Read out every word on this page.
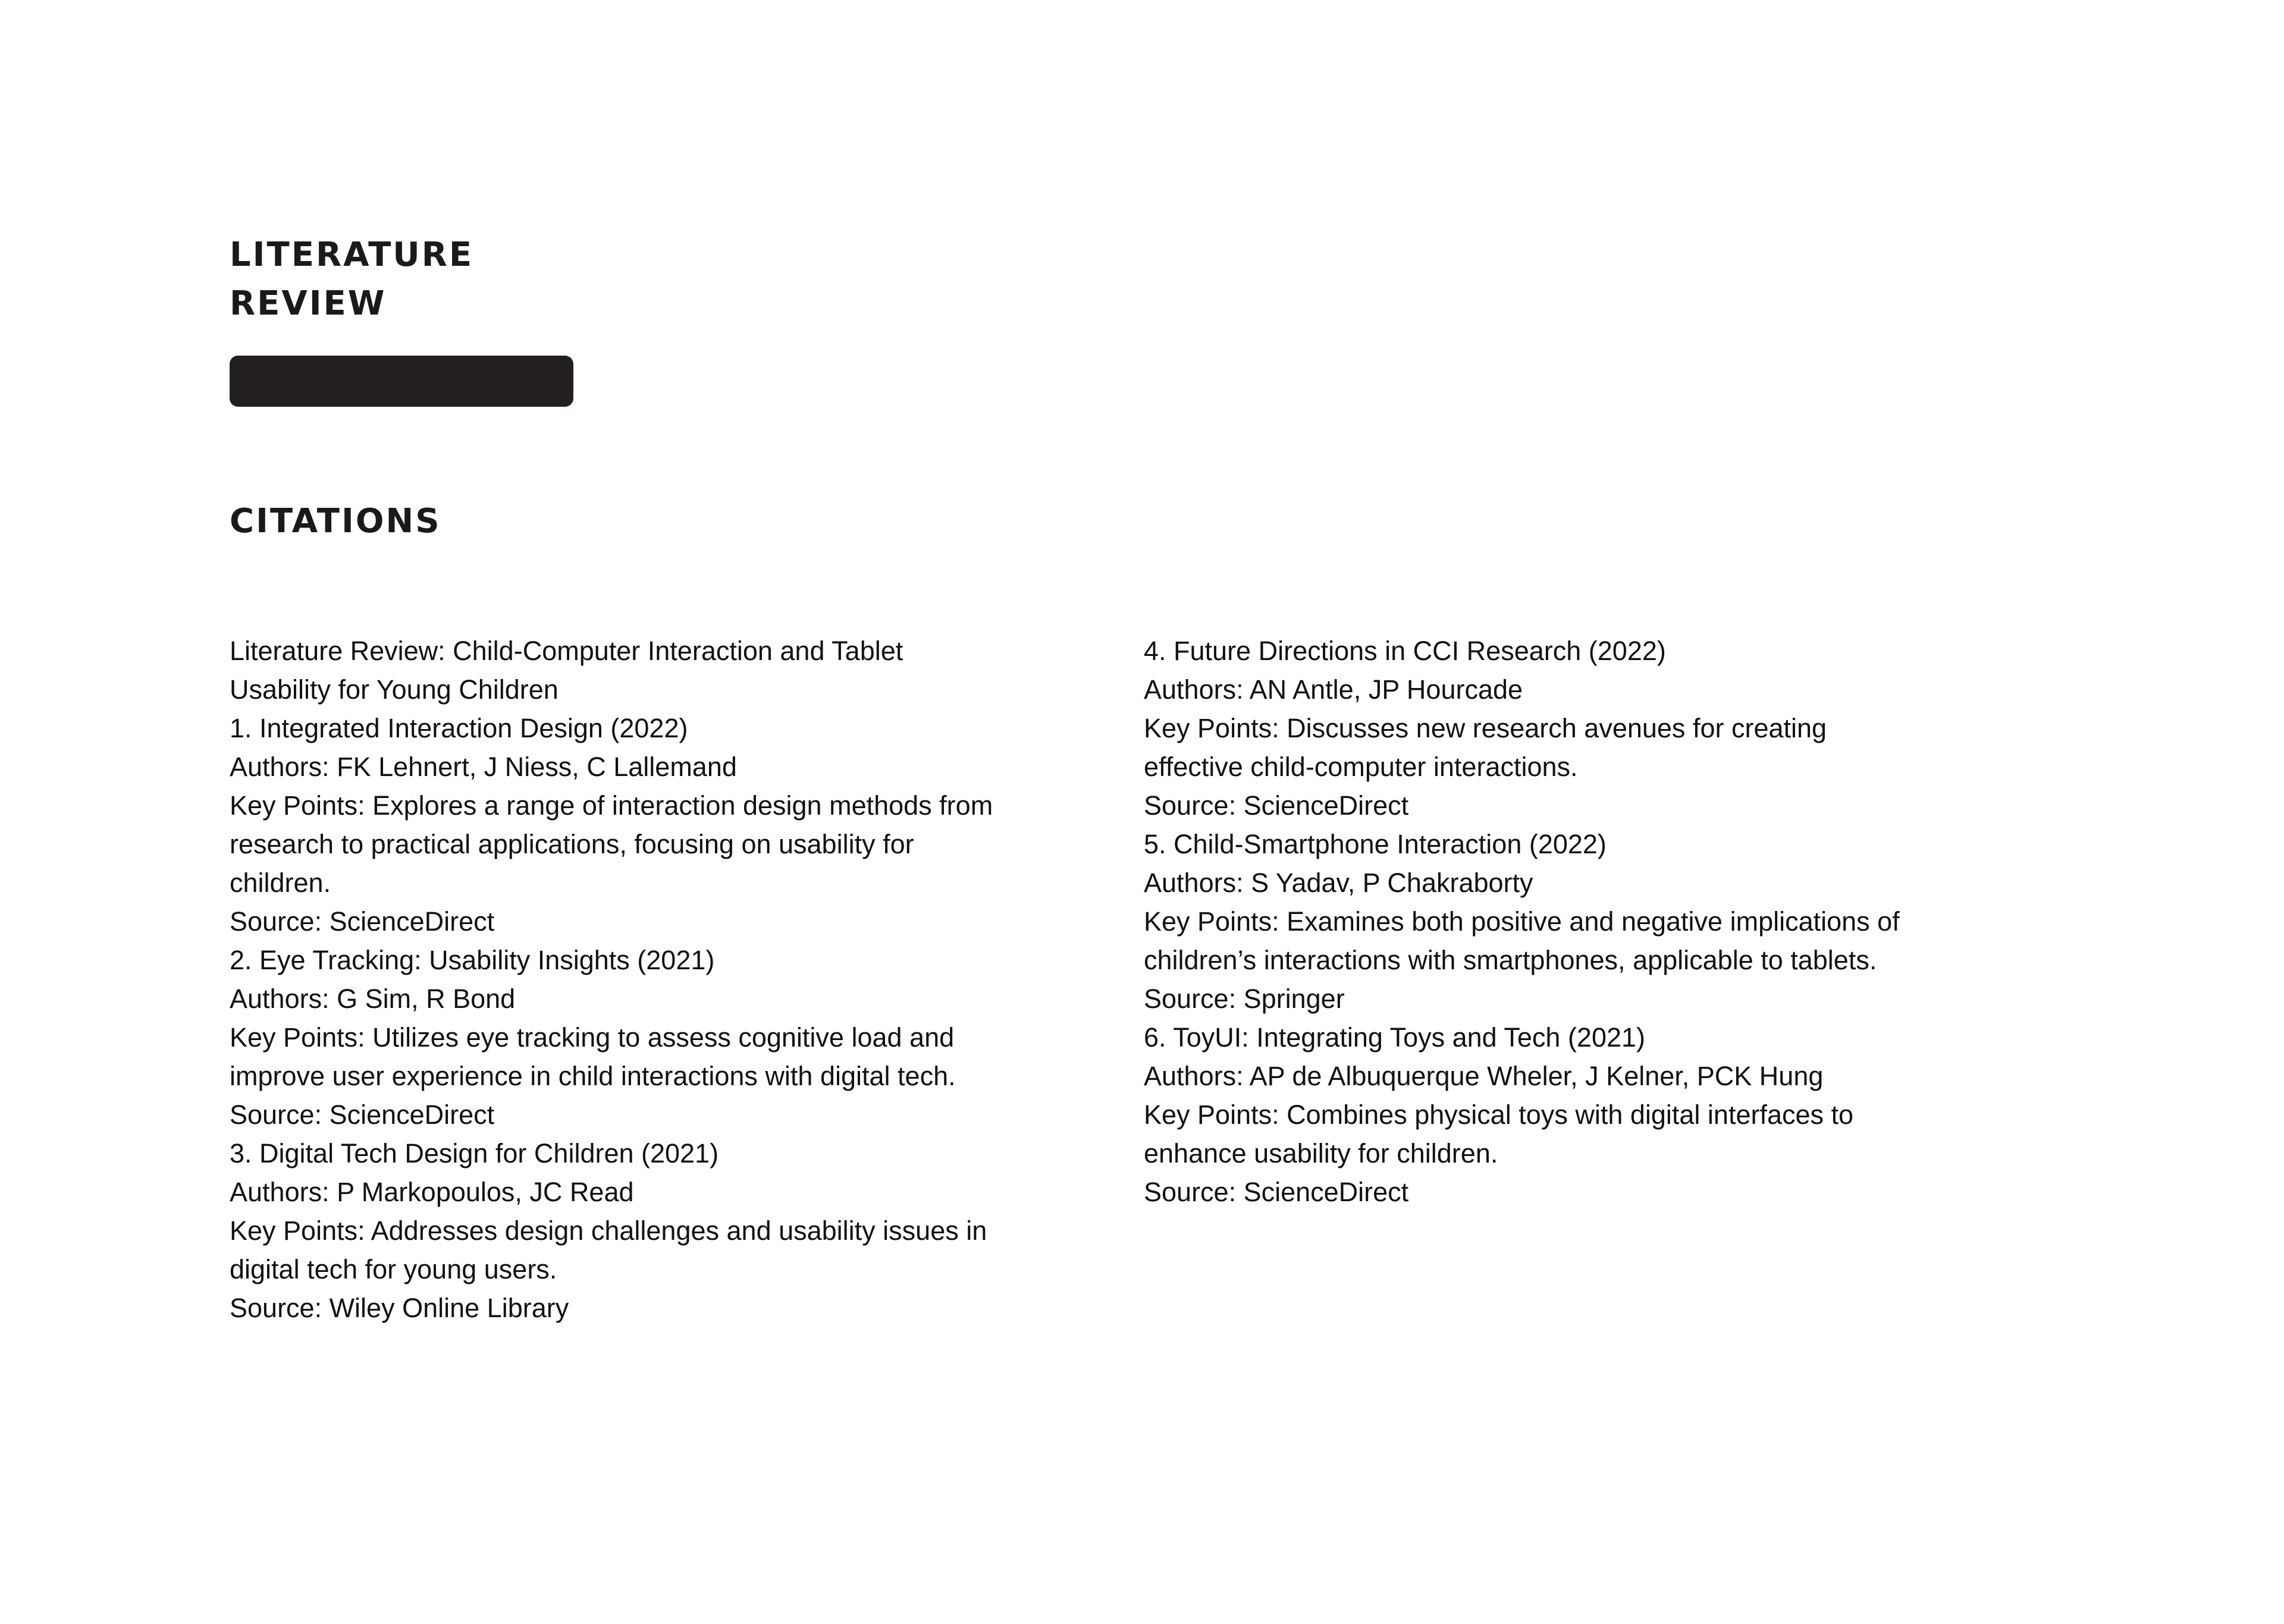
LITERATURE
REVIEW
CITATIONS
Literature Review: Child-Computer Interaction and Tablet
Usability for Young Children
1. Integrated Interaction Design (2022)
Authors: FK Lehnert, J Niess, C Lallemand
Key Points: Explores a range of interaction design methods from
research to practical applications, focusing on usability for
children.
Source: ScienceDirect
2. Eye Tracking: Usability Insights (2021)
Authors: G Sim, R Bond
Key Points: Utilizes eye tracking to assess cognitive load and
improve user experience in child interactions with digital tech.
Source: ScienceDirect
3. Digital Tech Design for Children (2021)
Authors: P Markopoulos, JC Read
Key Points: Addresses design challenges and usability issues in
digital tech for young users.
Source: Wiley Online Library
4. Future Directions in CCI Research (2022)
Authors: AN Antle, JP Hourcade
Key Points: Discusses new research avenues for creating
effective child-computer interactions.
Source: ScienceDirect
5. Child-Smartphone Interaction (2022)
Authors: S Yadav, P Chakraborty
Key Points: Examines both positive and negative implications of
children’s interactions with smartphones, applicable to tablets.
Source: Springer
6. ToyUI: Integrating Toys and Tech (2021)
Authors: AP de Albuquerque Wheler, J Kelner, PCK Hung
Key Points: Combines physical toys with digital interfaces to
enhance usability for children.
Source: ScienceDirect
